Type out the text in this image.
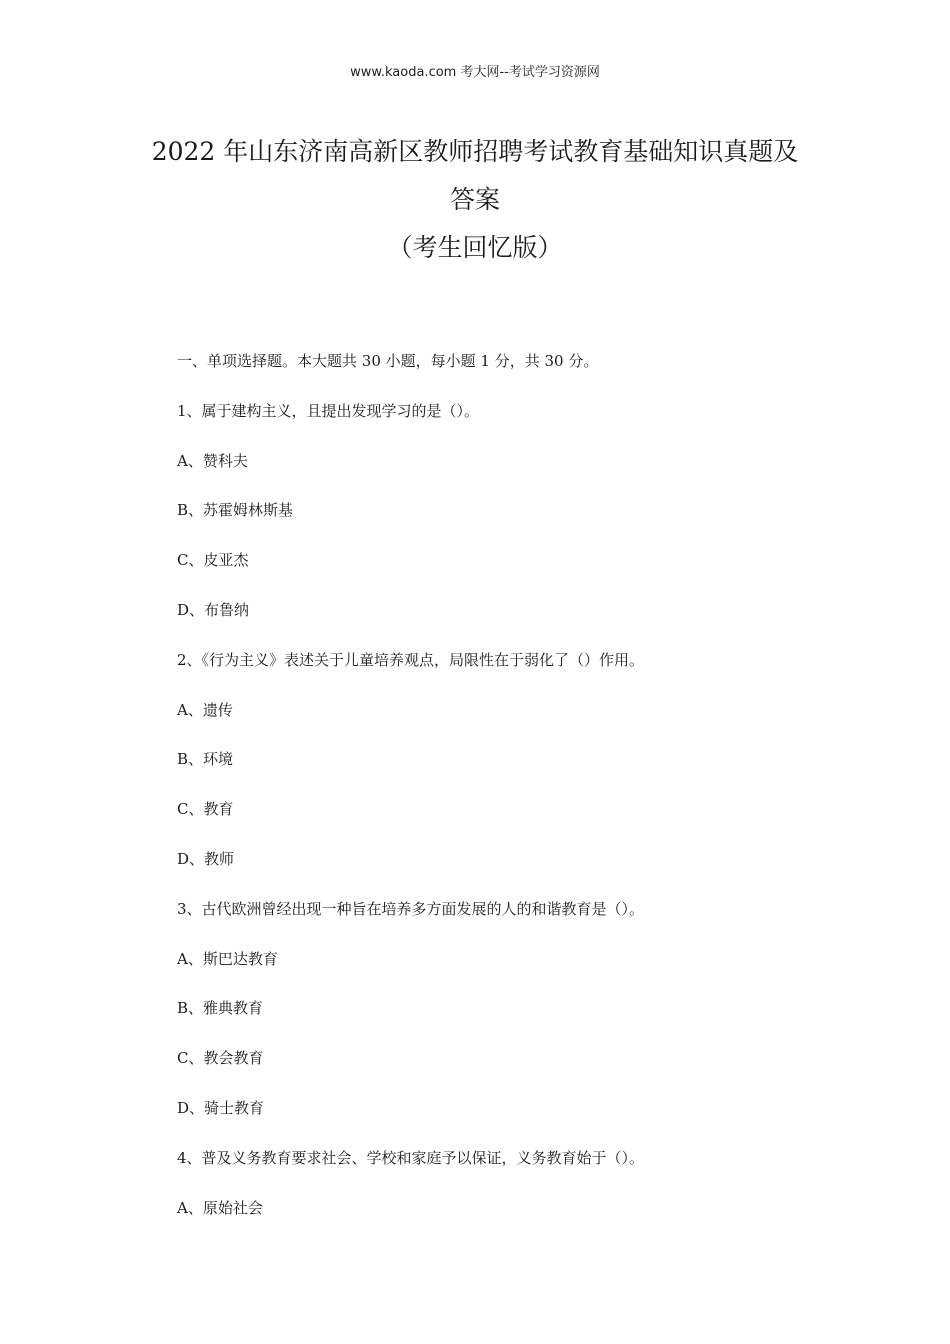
www.kaoda.com 考大网--考试学习资源网
2022 年山东济南高新区教师招聘考试教育基础知识真题及
答案
（考生回忆版）
一、单项选择题。本大题共 30 小题，每小题 1 分，共 30 分。
1、属于建构主义，且提出发现学习的是（）。
A、赞科夫
B、苏霍姆林斯基
C、皮亚杰
D、布鲁纳
2、《行为主义》表述关于儿童培养观点，局限性在于弱化了（）作用。
A、遗传
B、环境
C、教育
D、教师
3、古代欧洲曾经出现一种旨在培养多方面发展的人的和谐教育是（）。
A、斯巴达教育
B、雅典教育
C、教会教育
D、骑士教育
4、普及义务教育要求社会、学校和家庭予以保证，义务教育始于（）。
A、原始社会
